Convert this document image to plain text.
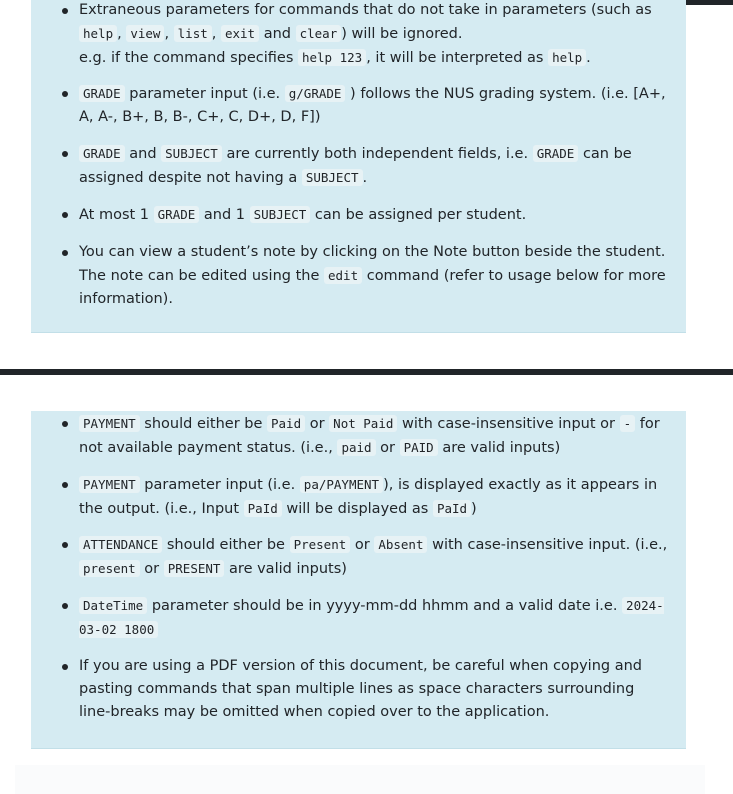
Extraneous parameters for commands that do not take in parameters (such as help , view , list , exit and clear ) will be ignored.
e.g. if the command specifies help 123 , it will be interpreted as help .
GRADE parameter input (i.e. g/GRADE ) follows the NUS grading system. (i.e. [A+, A, A-, B+, B, B-, C+, C, D+, D, F])
GRADE and SUBJECT are currently both independent fields, i.e. GRADE can be assigned despite not having a SUBJECT .
At most 1 GRADE and 1 SUBJECT can be assigned per student.
You can view a student’s note by clicking on the Note button beside the student. The note can be edited using the edit command (refer to usage below for more information).
PAYMENT should either be Paid or Not Paid with case-insensitive input or - for not available payment status. (i.e., paid or PAID are valid inputs)
PAYMENT parameter input (i.e. pa/PAYMENT ), is displayed exactly as it appears in the output. (i.e., Input PaId will be displayed as PaId )
ATTENDANCE should either be Present or Absent with case-insensitive input. (i.e., present or PRESENT are valid inputs)
DateTime parameter should be in yyyy-mm-dd hhmm and a valid date i.e. 2024-03-02 1800
If you are using a PDF version of this document, be careful when copying and pasting commands that span multiple lines as space characters surrounding line-breaks may be omitted when copied over to the application.
